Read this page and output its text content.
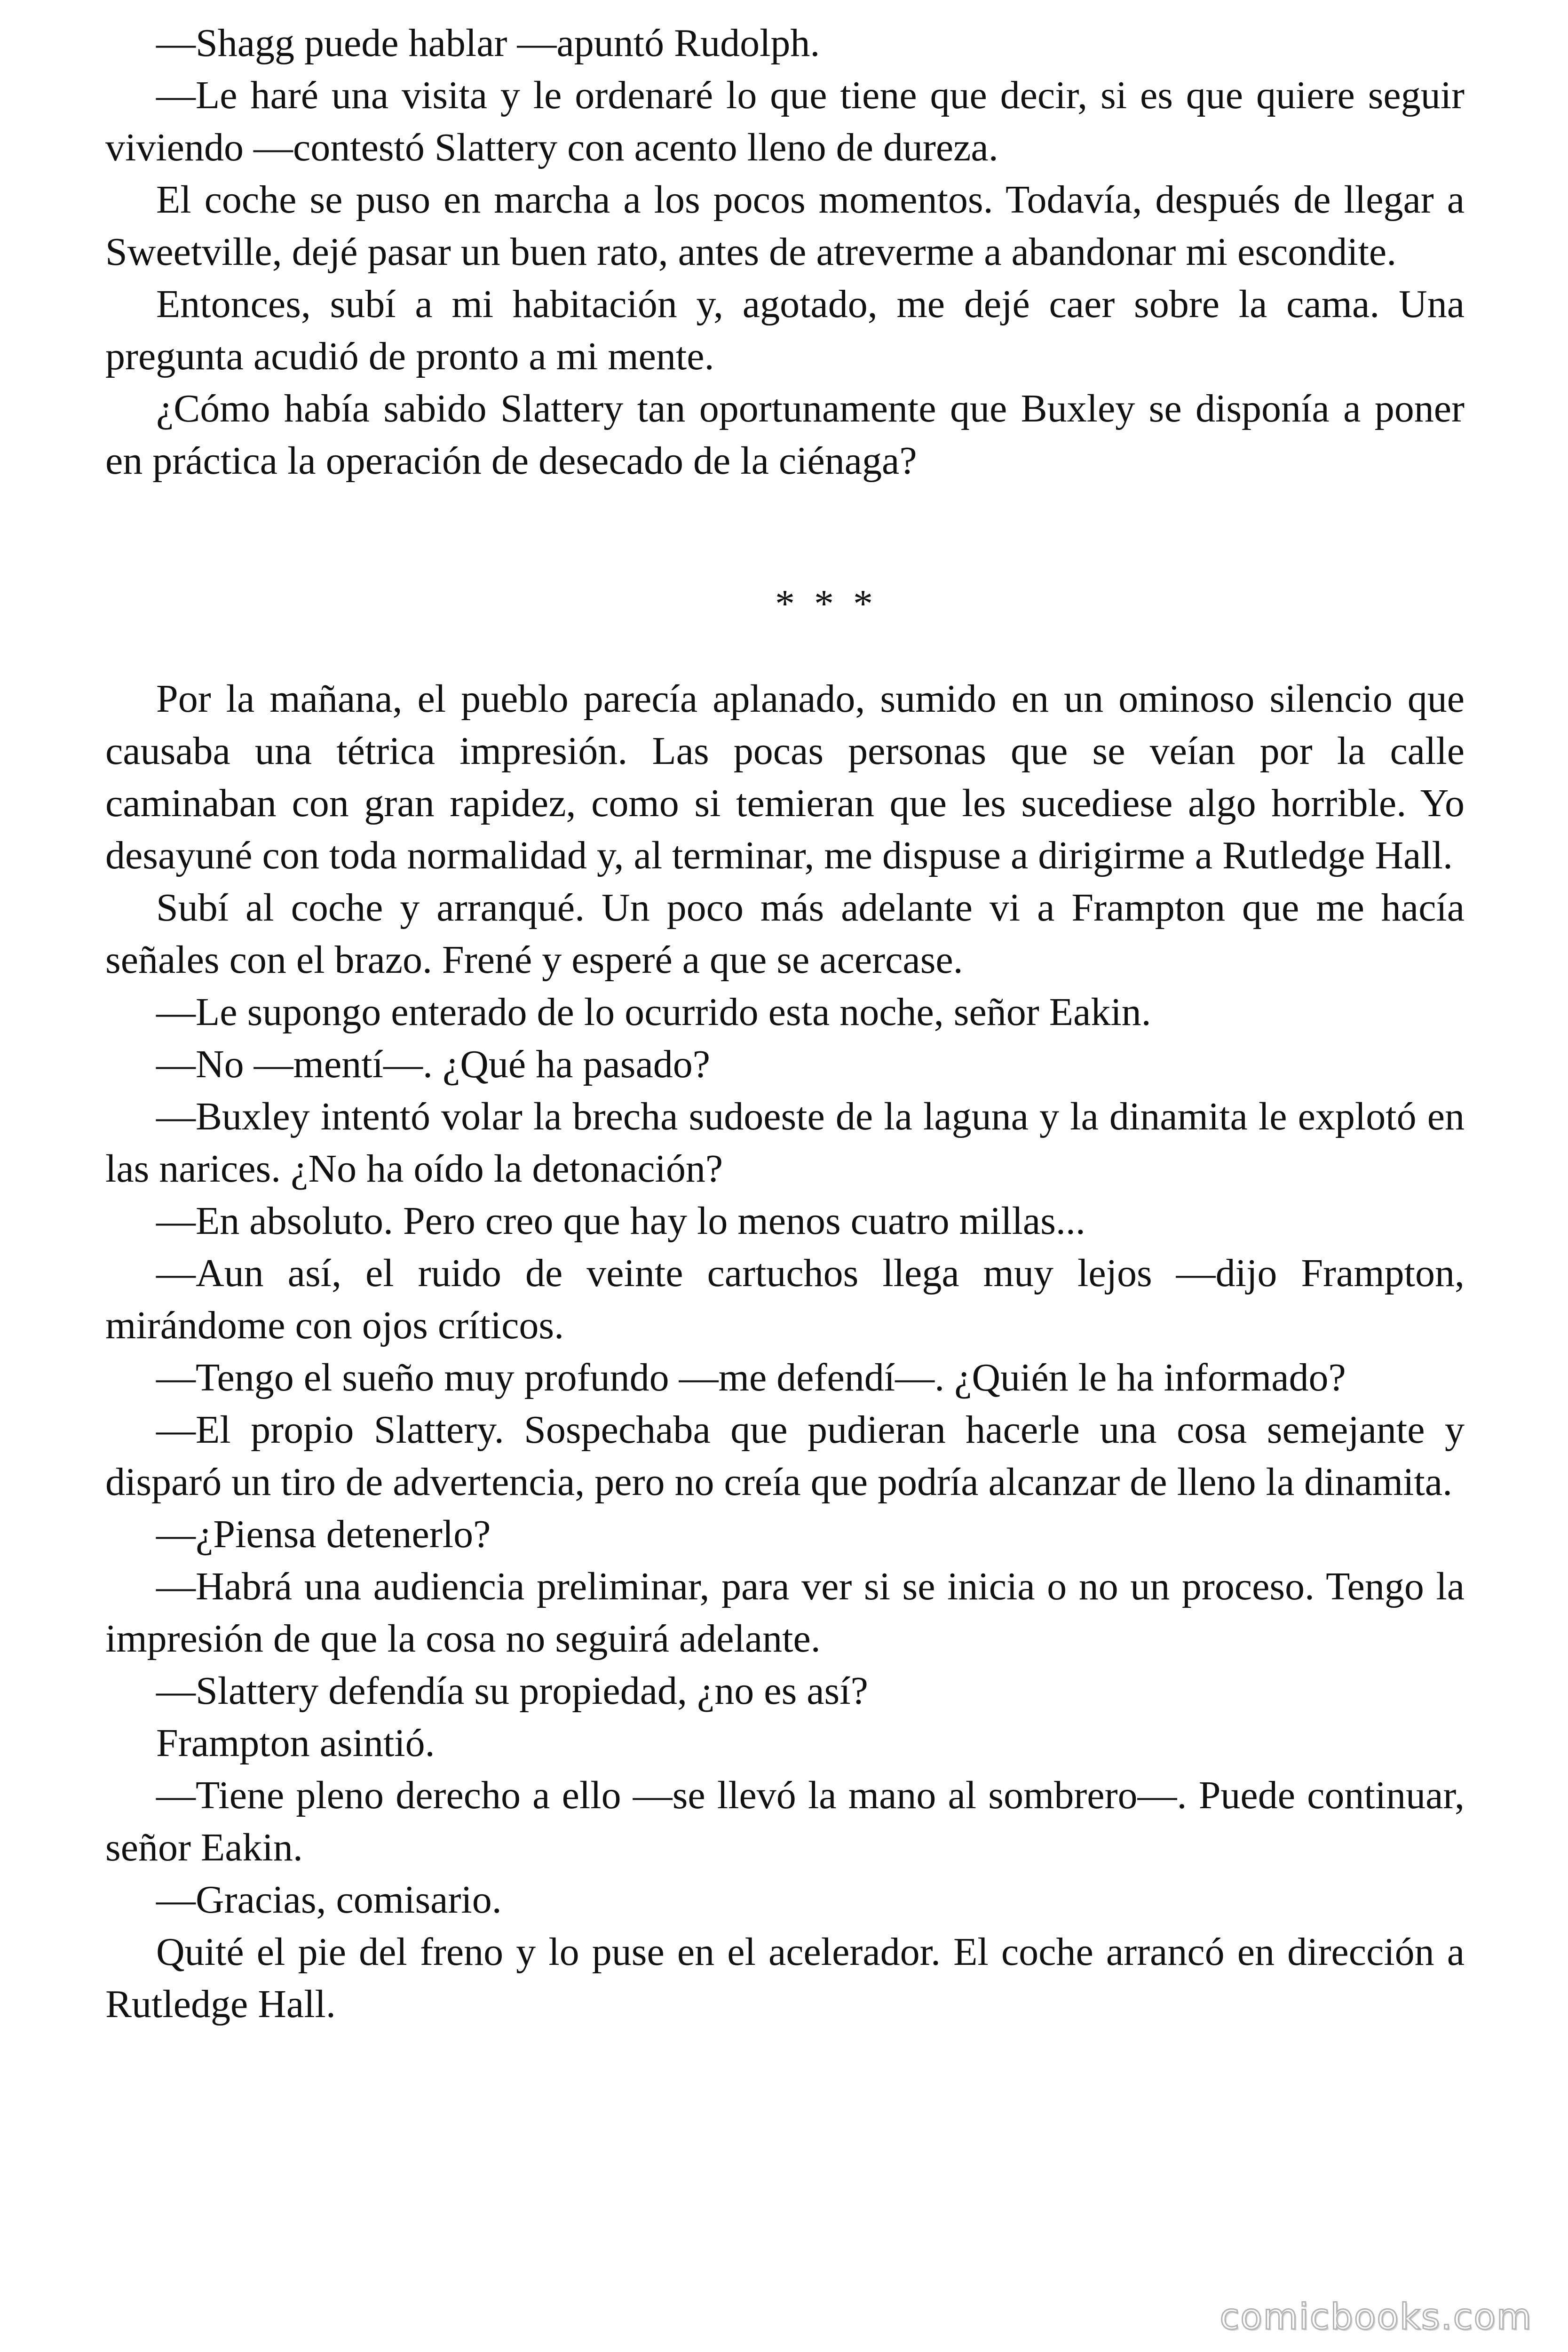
—Shagg puede hablar —apuntó Rudolph.

—Le haré una visita y le ordenaré lo que tiene que decir, si es que quiere seguir viviendo —contestó Slattery con acento lleno de dureza.

El coche se puso en marcha a los pocos momentos. Todavía, después de llegar a Sweetville, dejé pasar un buen rato, antes de atreverme a abandonar mi escondite.

Entonces, subí a mi habitación y, agotado, me dejé caer sobre la cama. Una pregunta acudió de pronto a mi mente.

¿Cómo había sabido Slattery tan oportunamente que Buxley se disponía a poner en práctica la operación de desecado de la ciénaga?

* * *

Por la mañana, el pueblo parecía aplanado, sumido en un ominoso silencio que causaba una tétrica impresión. Las pocas personas que se veían por la calle caminaban con gran rapidez, como si temieran que les sucediese algo horrible. Yo desayuné con toda normalidad y, al terminar, me dispuse a dirigirme a Rutledge Hall.

Subí al coche y arranqué. Un poco más adelante vi a Frampton que me hacía señales con el brazo. Frené y esperé a que se acercase.

—Le supongo enterado de lo ocurrido esta noche, señor Eakin.

—No —mentí—. ¿Qué ha pasado?

—Buxley intentó volar la brecha sudoeste de la laguna y la dinamita le explotó en las narices. ¿No ha oído la detonación?

—En absoluto. Pero creo que hay lo menos cuatro millas...

—Aun así, el ruido de veinte cartuchos llega muy lejos —dijo Frampton, mirándome con ojos críticos.

—Tengo el sueño muy profundo —me defendí—. ¿Quién le ha informado?

—El propio Slattery. Sospechaba que pudieran hacerle una cosa semejante y disparó un tiro de advertencia, pero no creía que podría alcanzar de lleno la dinamita.

—¿Piensa detenerlo?

—Habrá una audiencia preliminar, para ver si se inicia o no un proceso. Tengo la impresión de que la cosa no seguirá adelante.

—Slattery defendía su propiedad, ¿no es así?

Frampton asintió.

—Tiene pleno derecho a ello —se llevó la mano al sombrero—. Puede continuar, señor Eakin.

—Gracias, comisario.

Quité el pie del freno y lo puse en el acelerador. El coche arrancó en dirección a Rutledge Hall.

comicbooks.com
